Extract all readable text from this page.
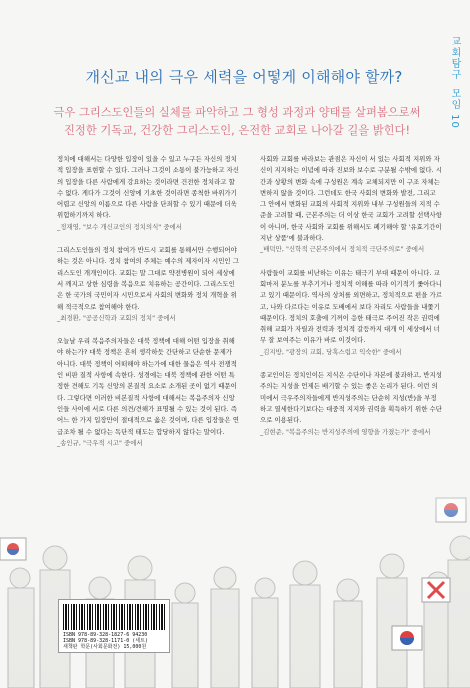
교회탐구 모임 10
개신교 내의 극우 세력을 어떻게 이해해야 할까?
극우 그리스도인들의 실체를 파악하고 그 형성 과정과 양태를 살펴봄으로써 진정한 기독교, 건강한 그리스도인, 온전한 교회로 나아갈 길을 밝힌다!

정치에 대해서는 다양한 입장이 있을 수 있고 누구든 자신의 정치적 입장을 표현할 수 있다. 그러나 그것이 소통이 불가능하고 자신의 입장을 다른 사람에게 강요하는 것이라면 건전한 정치라고 할 수 없다. 게다가 그것이 신앙에 기초한 것이라면 종척한 바위가기 어렵고 신앙의 이름으로 다른 사람을 단죄할 수 있기 때문에 더욱 위험하기까지 하다.

_정재영, "보수 개신교인의 정치의식" 중에서

그리스도인들의 정치 참여가 반드시 교회를 통해서만 수행되어야 하는 것은 아니다. 정치 참여의 주체는 예수의 제자이자 시민인 그리스도인 개개인이다. 교회는 말 그대로 약전병원이 되어 세상에서 깨지고 상한 심령을 복음으로 치유하는 공간이다. 그리스도인은 한 국가의 국민이자 시민으로서 사회의 변화와 정치 개혁을 위해 적극적으로 참여해야 한다.

_최경환, "공공신학과 교회의 정치" 중에서

오늘날 우리 복음주의자들은 대북 정책에 대해 어떤 입장을 취해야 하는가? 대북 정책은 흔히 생각하듯 간단하고 단순한 문제가 아니다. 대북 정책이 어떠해야 하는가에 대한 물음은 역사 전쟁적인 비판 질적 사항에 속한다. 성경에는 대북 정책에 관한 어떤 특정한 견해도 기독 신앙의 본질적 요소로 소개된 곳이 없기 때문이다. 그렇다면 이러한 비본질적 사항에 대해서는 복음주의자 신앙인들 사이에 서로 다른 의견/견해가 표명될 수 있는 것이 된다. 즉 어느 한 가지 입장만이 절대적으로 옳은 것이며, 다른 입장들은 연급조차 될 수 없다는 독단적 태도는 합당하지 않다는 말이다.

_송인규, "극우적 시고" 중에서

사회와 교회를 바라보는 관점은 자신이 서 있는 사회적 지위와 자신이 지지하는 이념에 따라 진보와 보수로 구분될 수밖에 없다. 시간과 상황의 변화 속에 구성원은 계속 교체되지만 이 구조 자체는 변하지 않을 것이다. 그런데도 한국 사회의 변화와 발전, 그리고 그 안에서 변화된 교회의 사회적 지위와 내부 구성원들의 지적 수준을 고려할 때, 근본주의는 더 이상 한국 교회가 고려할 선택사항이 아니며, 한국 사회와 교회를 위해서도 폐기해야 할 '유효기간이 지난 상품'에 불과하다.

_배덕만, "신학적 근본주의에서 정치적 극단주의로" 중에서

사람들이 교회를 비난하는 이유는 태극기 부대 때문이 아니다. 교회마저 분노를 부추기거나 정치적 이해를 따라 이기적기 좇아다니고 있기 때문이다. 역사의 상처를 외면하고, 정치적으로 편을 가르고, 나와 다르다는 이유로 도배에서 보다 자리도 사람들을 내쫓기 때문이다. 정치의 호출에 기꺼이 응한 태극로 주어진 작은 권력에 취해 교회가 자릴과 전력과 정치적 갈등까지 대개 이 세상에서 너무 잘 보여주는 이유가 바로 이것이다.

_김지방, "광장의 교회, 당혹스럽고 익숙한" 중에서

종교인이든 정치인이든 지식은 수단이나 자본에 불과하고, 반지성주의는 지성을 언제든 배기할 수 있는 좋은 논리가 된다. 이런 의미에서 극우주의자들에게 반지성주의는 단순히 지성(반)을 부정하고 열세한다기보다는 대중적 지지와 권력을 획득하기 위한 수단으로 이용된다.

_김현준, "복음주의는 반지성주의에 영향을 가졌는가" 중에서

ISBN 978-89-328-1827-6 94230
ISBN 978-89-328-1171-0 (세트)
새책판 학문(사회문화전) 15,000원
